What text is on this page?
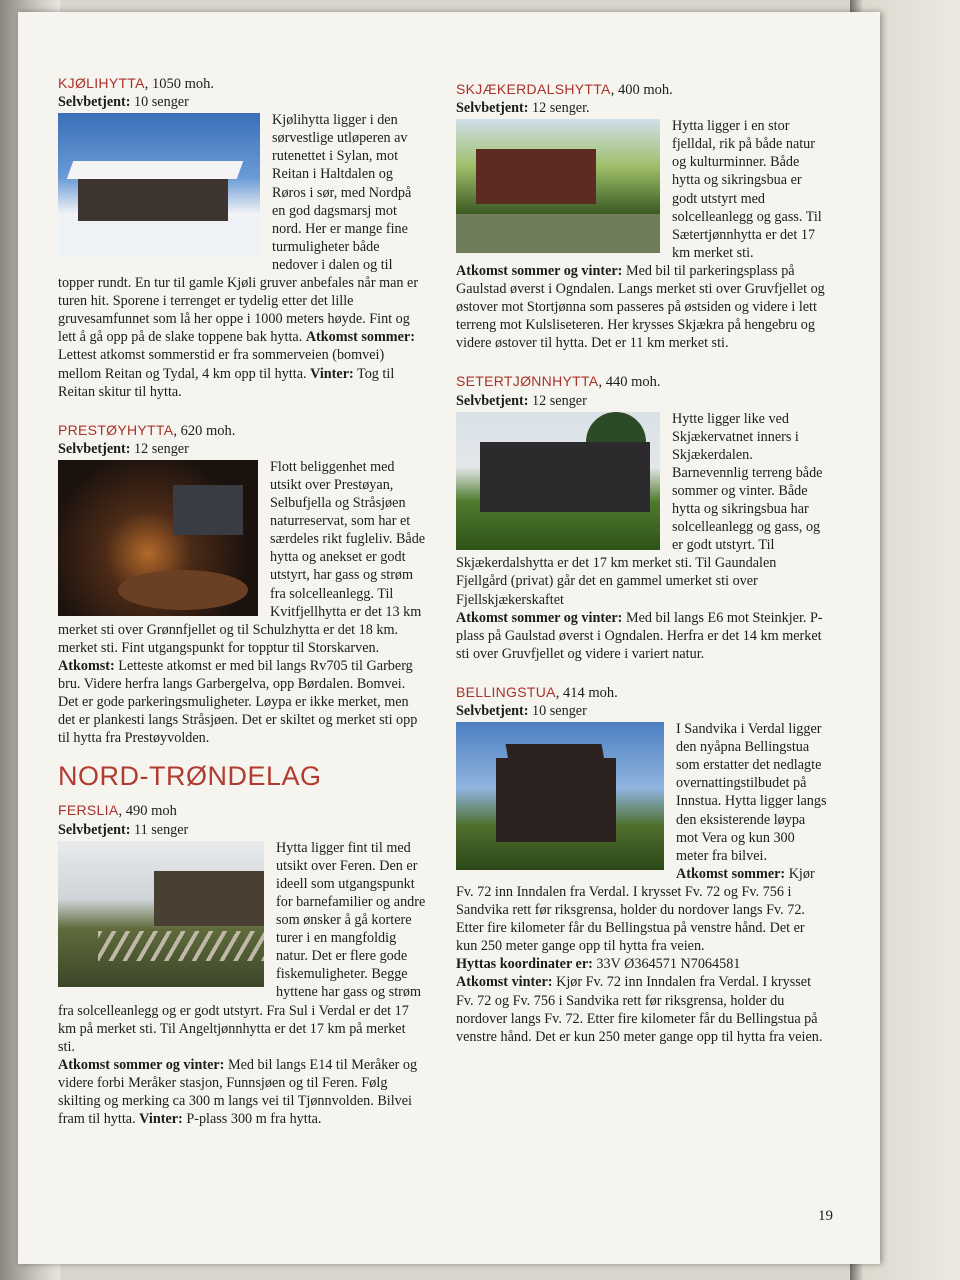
KJØLIHYTTA, 1050 moh.
Selvbetjent: 10 senger
Kjølihytta ligger i den sørvestlige utløperen av rutenettet i Sylan, mot Reitan i Haltdalen og Røros i sør, med Nordpå en god dagsmarsj mot nord. Her er mange fine turmuligheter både nedover i dalen og til topper rundt. En tur til gamle Kjøli gruver anbefales når man er turen hit. Sporene i terrenget er tydelig etter det lille gruvesamfunnet som lå her oppe i 1000 meters høyde. Fint og lett å gå opp på de slake toppene bak hytta. Atkomst sommer: Lettest atkomst sommerstid er fra sommerveien (bomvei) mellom Reitan og Tydal, 4 km opp til hytta. Vinter: Tog til Reitan skitur til hytta.
PRESTØYHYTTA, 620 moh.
Selvbetjent: 12 senger
Flott beliggenhet med utsikt over Prestøyan, Selbufjella og Stråsjøen naturreservat, som har et særdeles rikt fugleliv. Både hytta og anekset er godt utstyrt, har gass og strøm fra solcelleanlegg. Til Kvitfjellhytta er det 13 km merket sti over Grønnfjellet og til Schulzhytta er det 18 km. merket sti. Fint utgangspunkt for topptur til Storskarven.
Atkomst: Letteste atkomst er med bil langs Rv705 til Garberg bru. Videre herfra langs Garbergelva, opp Børdalen. Bomvei. Det er gode parkeringsmuligheter. Løypa er ikke merket, men det er plankesti langs Stråsjøen. Det er skiltet og merket sti opp til hytta fra Prestøyvolden.
NORD-TRØNDELAG
FERSLIA, 490 moh
Selvbetjent: 11 senger
Hytta ligger fint til med utsikt over Feren. Den er ideell som utgangspunkt for barnefamilier og andre som ønsker å gå kortere turer i en mangfoldig natur. Det er flere gode fiskemuligheter. Begge hyttene har gass og strøm fra solcelleanlegg og er godt utstyrt. Fra Sul i Verdal er det 17 km på merket sti. Til Angeltjønnhytta er det 17 km på merket sti.
Atkomst sommer og vinter: Med bil langs E14 til Meråker og videre forbi Meråker stasjon, Funnsjøen og til Feren. Følg skilting og merking ca 300 m langs vei til Tjønnvolden. Bilvei fram til hytta. Vinter: P-plass 300 m fra hytta.
SKJÆKERDALSHYTTA, 400 moh.
Selvbetjent: 12 senger.
Hytta ligger i en stor fjelldal, rik på både natur og kulturminner. Både hytta og sikringsbua er godt utstyrt med solcelleanlegg og gass. Til Sætertjønnhytta er det 17 km merket sti.
Atkomst sommer og vinter: Med bil til parkeringsplass på Gaulstad øverst i Ogndalen. Langs merket sti over Gruvfjellet og østover mot Stortjønna som passeres på østsiden og videre i lett terreng mot Kulsliseteren. Her krysses Skjækra på hengebru og videre østover til hytta. Det er 11 km merket sti.
SETERTJØNNHYTTA, 440 moh.
Selvbetjent: 12 senger
Hytte ligger like ved Skjækervatnet inners i Skjækerdalen. Barnevennlig terreng både sommer og vinter. Både hytta og sikringsbua har solcelleanlegg og gass, og er godt utstyrt. Til Skjækerdalshytta er det 17 km merket sti. Til Gaundalen Fjellgård (privat) går det en gammel umerket sti over Fjellskjækerskaftet
Atkomst sommer og vinter: Med bil langs E6 mot Steinkjer. P-plass på Gaulstad øverst i Ogndalen. Herfra er det 14 km merket sti over Gruvfjellet og videre i variert natur.
BELLINGSTUA, 414 moh.
Selvbetjent: 10 senger
I Sandvika i Verdal ligger den nyåpna Bellingstua som erstatter det nedlagte overnattingstilbudet på Innstua. Hytta ligger langs den eksisterende løypa mot Vera og kun 300 meter fra bilvei.
Atkomst sommer: Kjør Fv. 72 inn Inndalen fra Verdal. I krysset Fv. 72 og Fv. 756 i Sandvika rett før riksgrensa, holder du nordover langs Fv. 72. Etter fire kilometer får du Bellingstua på venstre hånd. Det er kun 250 meter gange opp til hytta fra veien.
Hyttas koordinater er: 33V Ø364571 N7064581
Atkomst vinter: Kjør Fv. 72 inn Inndalen fra Verdal. I krysset Fv. 72 og Fv. 756 i Sandvika rett før riksgrensa, holder du nordover langs Fv. 72. Etter fire kilometer får du Bellingstua på venstre hånd. Det er kun 250 meter gange opp til hytta fra veien.
19
